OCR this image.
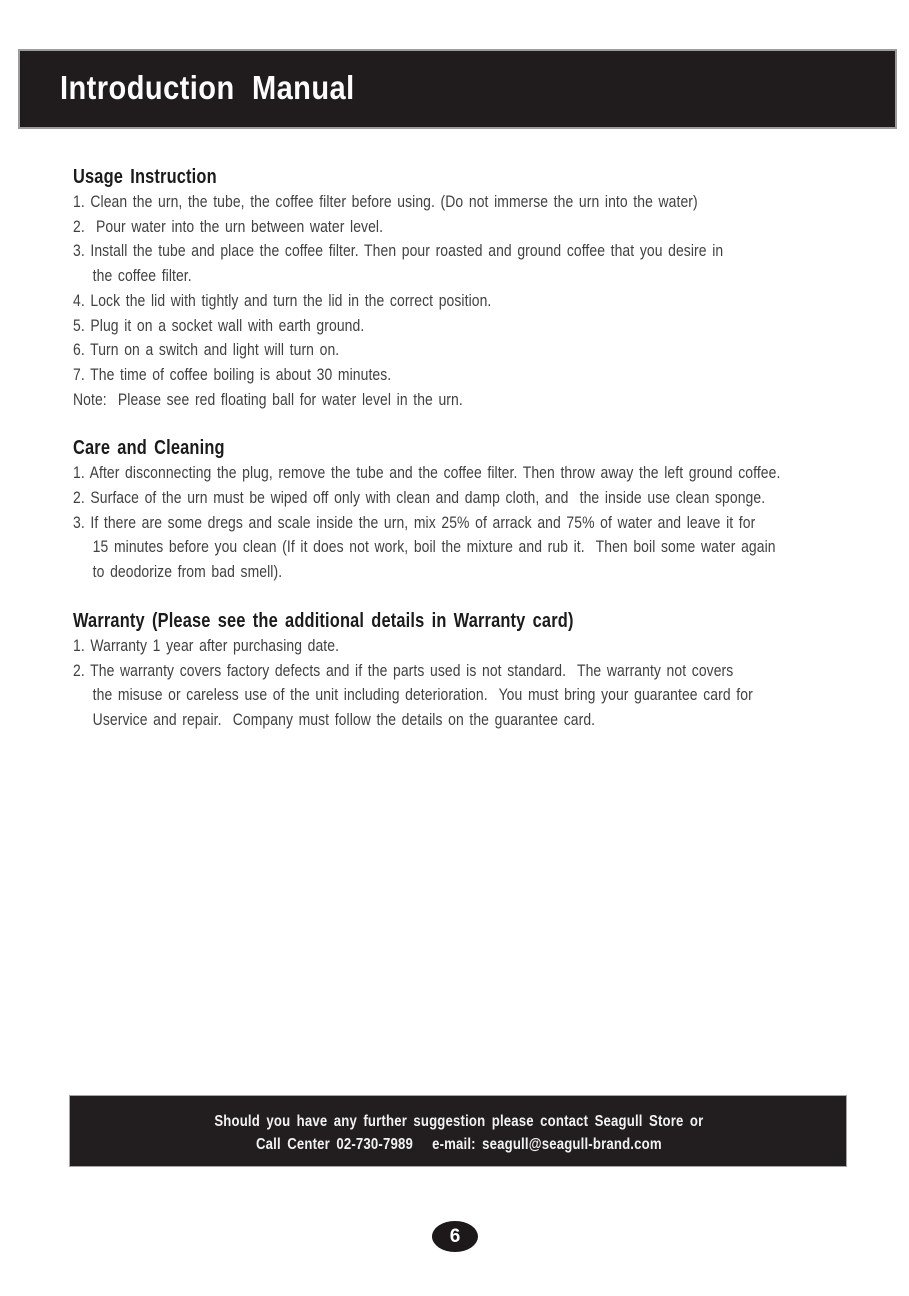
Introduction Manual
Usage Instruction
1. Clean the urn, the tube, the coffee filter before using. (Do not immerse the urn into the water)
2.  Pour water into the urn between water level.
3. Install the tube and place the coffee filter. Then pour roasted and ground coffee that you desire in
the coffee filter.
4. Lock the lid with tightly and turn the lid in the correct position.
5. Plug it on a socket wall with earth ground.
6. Turn on a switch and light will turn on.
7. The time of coffee boiling is about 30 minutes.
Note:  Please see red floating ball for water level in the urn.
Care and Cleaning
1. After disconnecting the plug, remove the tube and the coffee filter. Then throw away the left ground coffee.
2. Surface of the urn must be wiped off only with clean and damp cloth, and  the inside use clean sponge.
3. If there are some dregs and scale inside the urn, mix 25% of arrack and 75% of water and leave it for
15 minutes before you clean (If it does not work, boil the mixture and rub it.  Then boil some water again
to deodorize from bad smell).
Warranty (Please see the additional details in Warranty card)
1. Warranty 1 year after purchasing date.
2. The warranty covers factory defects and if the parts used is not standard.  The warranty not covers
the misuse or careless use of the unit including deterioration.  You must bring your guarantee card for
Uservice and repair.  Company must follow the details on the guarantee card.
Should you have any further suggestion please contact Seagull Store or
Call Center 02-730-7989   e-mail: seagull@seagull-brand.com
6
